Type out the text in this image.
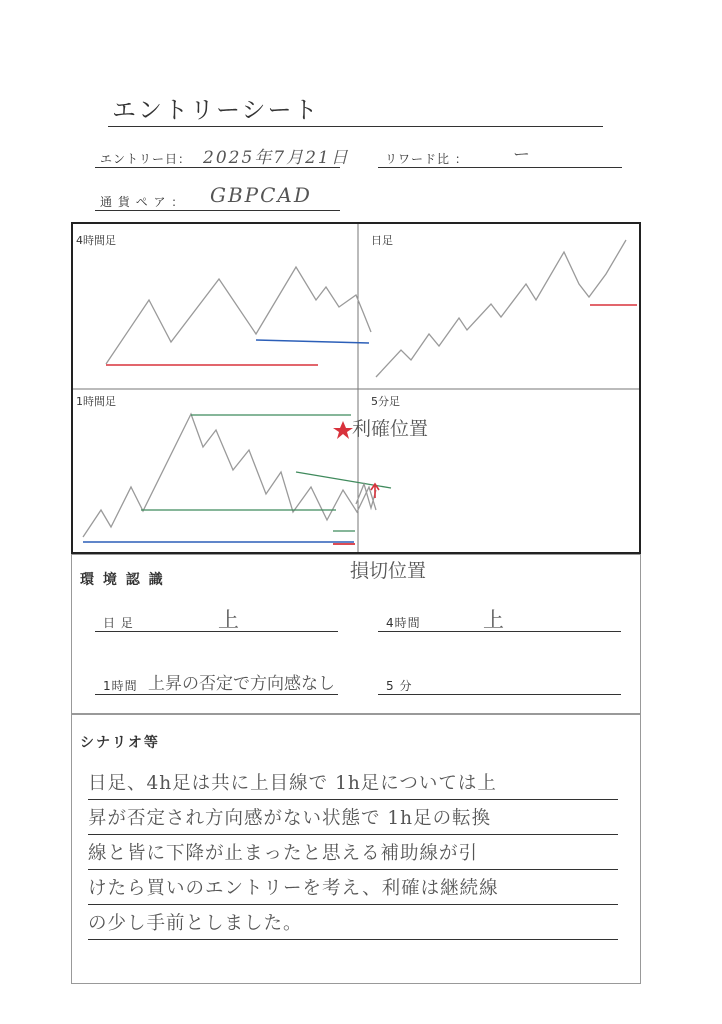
エントリーシート
エントリー日： 2025年7月21日	リワード比 ：	ー
通 貨 ペ ア ： GBPCAD
4時間足	日足
1時間足	5分足
利確位置
損切位置
環 境 認 識
日 足	上	4時間	上
1時間 上昇の否定で方向感なし	5 分
シナリオ等
日足、4h足は共に上目線で 1h足については上
昇が否定され方向感がない状態で 1h足の転換
線と皆に下降が止まったと思える補助線が引
けたら買いのエントリーを考え、利確は継続線
の少し手前としました。
